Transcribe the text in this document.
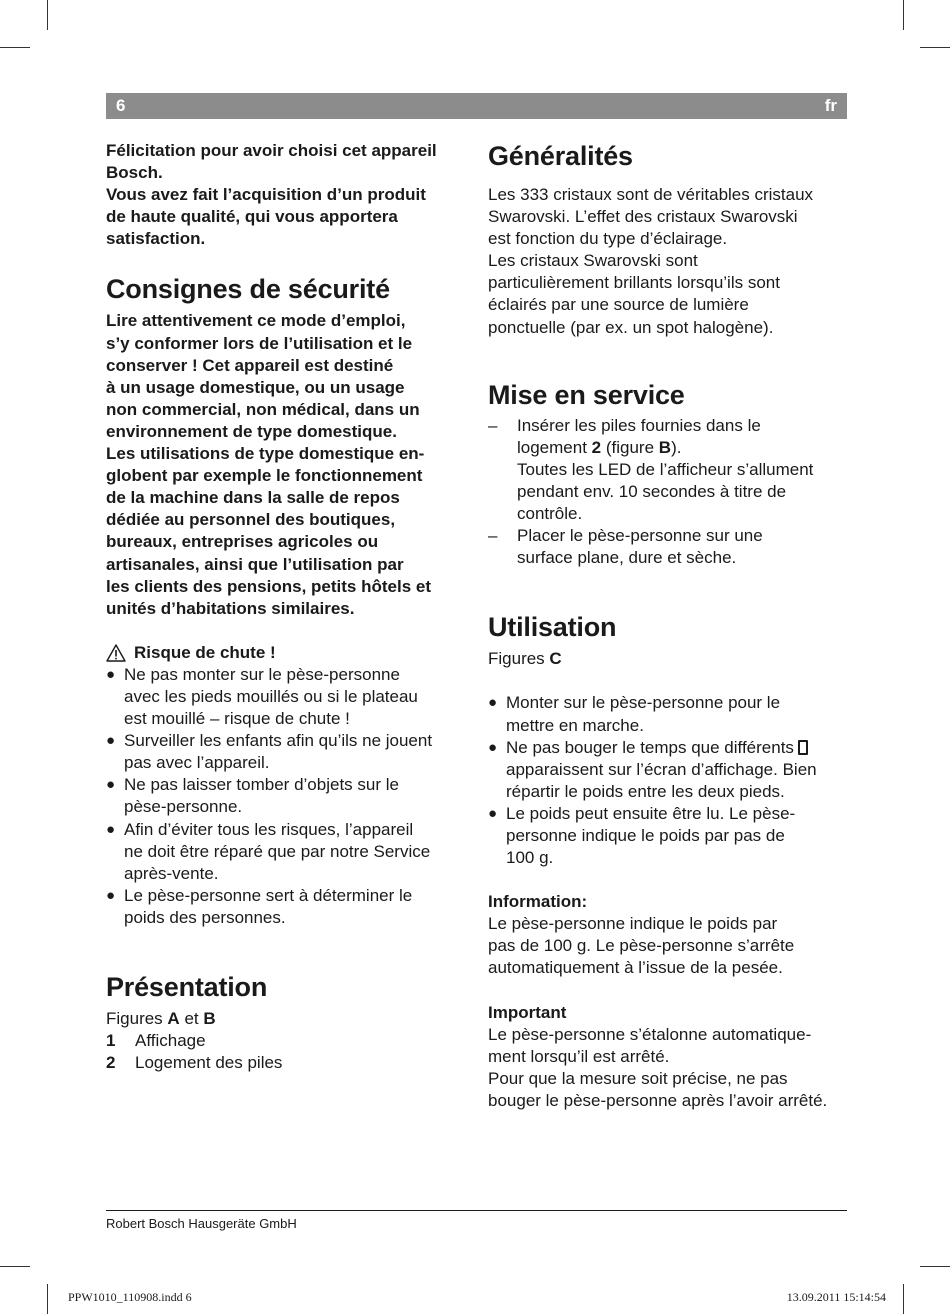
6	fr

Félicitation pour avoir choisi cet appareil

Bosch.

Vous avez fait l’acquisition d’un produit

de haute qualité, qui vous apportera

satisfaction.

Consignes de sécurité

Lire attentivement ce mode d’emploi,

s’y conformer lors de l’utilisation et le

conserver ! Cet appareil est destiné

à un usage domestique, ou un usage

non commercial, non médical, dans un

environnement de type domestique.

Les utilisations de type domestique en-

globent par exemple le fonctionnement

de la machine dans la salle de repos

dédiée au personnel des boutiques,

bureaux, entreprises agricoles ou

artisanales, ainsi que l’utilisation par

les clients des pensions, petits hôtels et

unités d’habitations similaires.

Risque de chute !

● Ne pas monter sur le pèse-personne

avec les pieds mouillés ou si le plateau

est mouillé – risque de chute !

● Surveiller les enfants afin qu’ils ne jouent

pas avec l’appareil.

● Ne pas laisser tomber d’objets sur le

pèse-personne.

● Afin d’éviter tous les risques, l’appareil

ne doit être réparé que par notre Service

après-vente.

● Le pèse-personne sert à déterminer le

poids des personnes.

Présentation

Figures A et B

1	Affichage
2	Logement des piles
Généralités

Les 333 cristaux sont de véritables cristaux

Swarovski. L’effet des cristaux Swarovski

est fonction du type d’éclairage.

Les cristaux Swarovski sont

particulièrement brillants lorsqu’ils sont

éclairés par une source de lumière

ponctuelle (par ex. un spot halogène).

Mise en service

– Insérer les piles fournies dans le

logement 2 (figure B).

Toutes les LED de l’afficheur s’allument

pendant env. 10 secondes à titre de

contrôle.

– Placer le pèse-personne sur une

surface plane, dure et sèche.

Utilisation

Figures C

● Monter sur le pèse-personne pour le

mettre en marche.

● Ne pas bouger le temps que différents

apparaissent sur l’écran d’affichage. Bien

répartir le poids entre les deux pieds.

● Le poids peut ensuite être lu. Le pèse-

personne indique le poids par pas de

100 g.

Information:

Le pèse-personne indique le poids par

pas de 100 g. Le pèse-personne s’arrête

automatiquement à l’issue de la pesée.

Important

Le pèse-personne s’étalonne automatique-

ment lorsqu’il est arrêté.

Pour que la mesure soit précise, ne pas

bouger le pèse-personne après l’avoir arrêté.

Robert Bosch Hausgeräte GmbH
PPW1010_110908.indd 6	13.09.2011 15:14:54
